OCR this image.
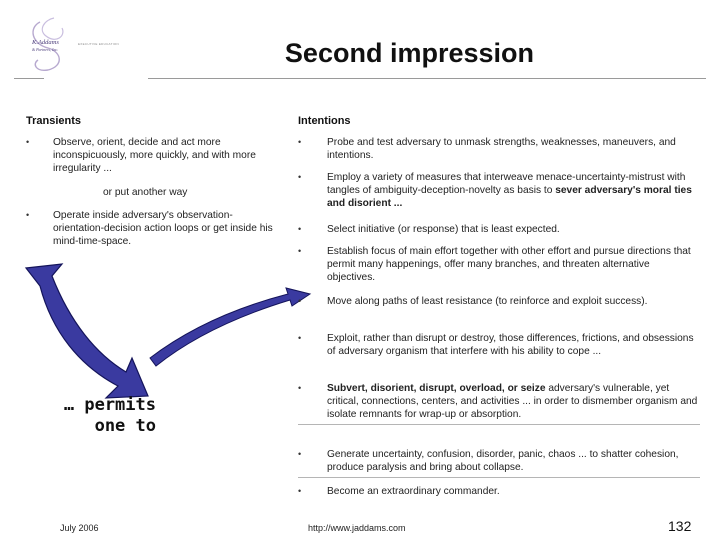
K.Addams
& Partners, Inc.
EXECUTIVE EDUCATION	Second impression
Transients
• Observe, orient, decide and act more inconspicuously, more quickly, and with more irregularity ...
or put another way
• Operate inside adversary's observation-orientation-decision action loops or get inside his mind-time-space.
… permits
one to
Intentions
•	Probe and test adversary to unmask strengths, weaknesses, maneuvers, and intentions.
•	Employ a variety of measures that interweave menace-uncertainty-mistrust with tangles of ambiguity-deception-novelty as basis to sever adversary's moral ties and disorient ...
•	Select initiative (or response) that is least expected.
•	Establish focus of main effort together with other effort and pursue directions that permit many happenings, offer many branches, and threaten alternative objectives.
•	Move along paths of least resistance (to reinforce and exploit success).
•	Exploit, rather than disrupt or destroy, those differences, frictions, and obsessions of adversary organism that interfere with his ability to cope ...
•	Subvert, disorient, disrupt, overload, or seize adversary's vulnerable, yet critical, connections, centers, and activities ... in order to dismember organism and isolate remnants for wrap-up or absorption.
•	Generate uncertainty, confusion, disorder, panic, chaos ... to shatter cohesion, produce paralysis and bring about collapse.
•	Become an extraordinary commander.
July 2006	http://www.jaddams.com	132
